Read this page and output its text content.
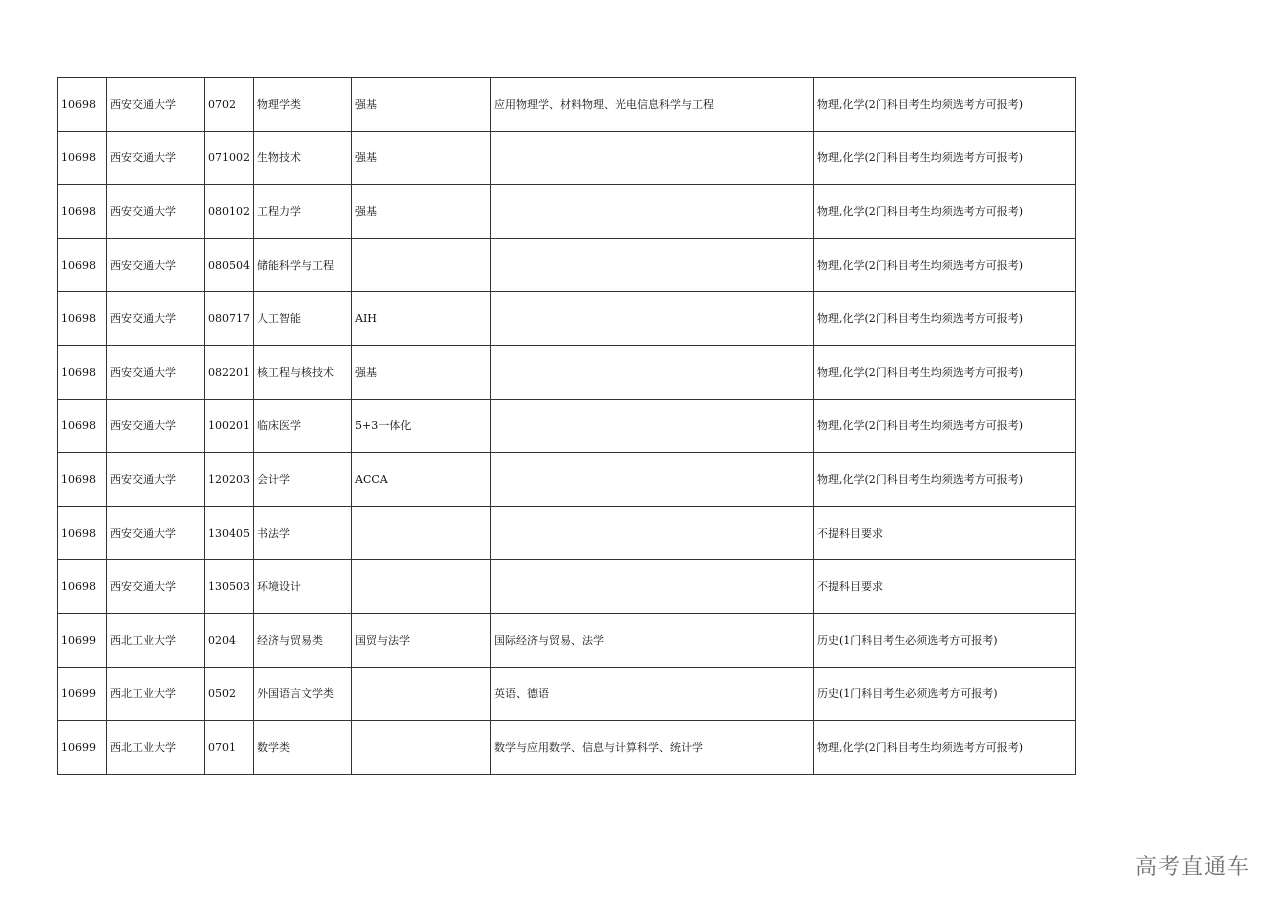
10698	西安交通大学	0702	物理学类	强基	应用物理学、材料物理、光电信息科学与工程	物理,化学(2门科目考生均须选考方可报考)
10698	西安交通大学	071002	生物技术	强基		物理,化学(2门科目考生均须选考方可报考)
10698	西安交通大学	080102	工程力学	强基		物理,化学(2门科目考生均须选考方可报考)
10698	西安交通大学	080504	储能科学与工程			物理,化学(2门科目考生均须选考方可报考)
10698	西安交通大学	080717	人工智能	AIH		物理,化学(2门科目考生均须选考方可报考)
10698	西安交通大学	082201	核工程与核技术	强基		物理,化学(2门科目考生均须选考方可报考)
10698	西安交通大学	100201	临床医学	5+3一体化		物理,化学(2门科目考生均须选考方可报考)
10698	西安交通大学	120203	会计学	ACCA		物理,化学(2门科目考生均须选考方可报考)
10698	西安交通大学	130405	书法学			不提科目要求
10698	西安交通大学	130503	环境设计			不提科目要求
10699	西北工业大学	0204	经济与贸易类	国贸与法学	国际经济与贸易、法学	历史(1门科目考生必须选考方可报考)
10699	西北工业大学	0502	外国语言文学类		英语、德语	历史(1门科目考生必须选考方可报考)
10699	西北工业大学	0701	数学类		数学与应用数学、信息与计算科学、统计学	物理,化学(2门科目考生均须选考方可报考)
高考直通车
